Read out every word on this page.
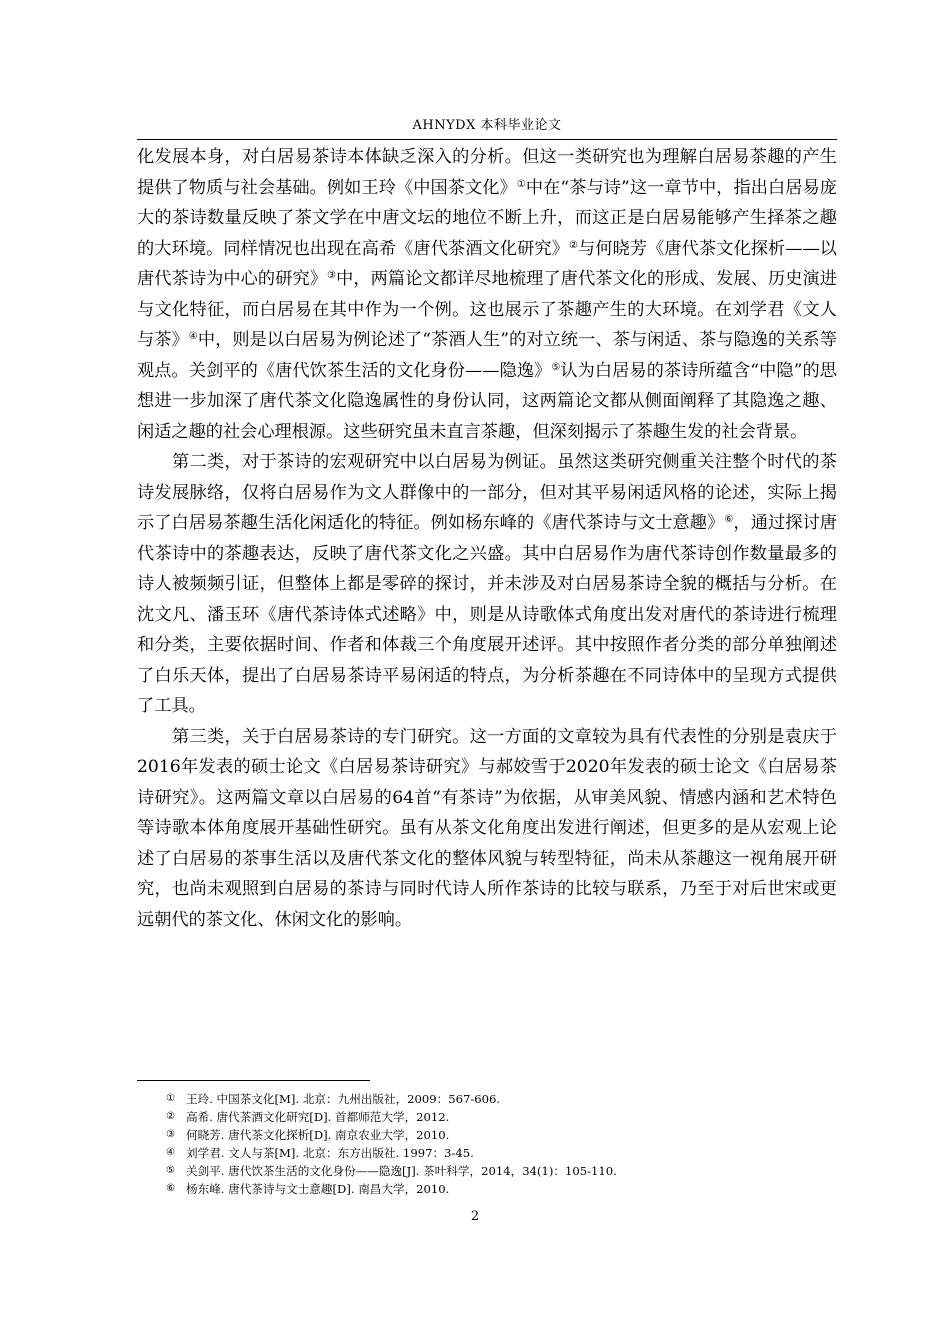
AHNYDX 本科毕业论文

化发展本身，对白居易茶诗本体缺乏深入的分析。但这一类研究也为理解白居易茶趣的产生提供了物质与社会基础。例如王玲《中国茶文化》①中在“茶与诗”这一章节中，指出白居易庞大的茶诗数量反映了茶文学在中唐文坛的地位不断上升，而这正是白居易能够产生择茶之趣的大环境。同样情况也出现在高希《唐代茶酒文化研究》②与何晓芳《唐代茶文化探析——以唐代茶诗为中心的研究》③中，两篇论文都详尽地梳理了唐代茶文化的形成、发展、历史演进与文化特征，而白居易在其中作为一个例。这也展示了茶趣产生的大环境。在刘学君《文人与茶》④中，则是以白居易为例论述了“茶酒人生”的对立统一、茶与闲适、茶与隐逸的关系等观点。关剑平的《唐代饮茶生活的文化身份——隐逸》⑤认为白居易的茶诗所蕴含“中隐”的思想进一步加深了唐代茶文化隐逸属性的身份认同，这两篇论文都从侧面阐释了其隐逸之趣、闲适之趣的社会心理根源。这些研究虽未直言茶趣，但深刻揭示了茶趣生发的社会背景。

第二类，对于茶诗的宏观研究中以白居易为例证。虽然这类研究侧重关注整个时代的茶诗发展脉络，仅将白居易作为文人群像中的一部分，但对其平易闲适风格的论述，实际上揭示了白居易茶趣生活化闲适化的特征。例如杨东峰的《唐代茶诗与文士意趣》⑥，通过探讨唐代茶诗中的茶趣表达，反映了唐代茶文化之兴盛。其中白居易作为唐代茶诗创作数量最多的诗人被频频引证，但整体上都是零碎的探讨，并未涉及对白居易茶诗全貌的概括与分析。在沈文凡、潘玉环《唐代茶诗体式述略》中，则是从诗歌体式角度出发对唐代的茶诗进行梳理和分类，主要依据时间、作者和体裁三个角度展开述评。其中按照作者分类的部分单独阐述了白乐天体，提出了白居易茶诗平易闲适的特点，为分析茶趣在不同诗体中的呈现方式提供了工具。

第三类，关于白居易茶诗的专门研究。这一方面的文章较为具有代表性的分别是袁庆于2016年发表的硕士论文《白居易茶诗研究》与郝姣雪于2020年发表的硕士论文《白居易茶诗研究》。这两篇文章以白居易的64首“有茶诗”为依据，从审美风貌、情感内涵和艺术特色等诗歌本体角度展开基础性研究。虽有从茶文化角度出发进行阐述，但更多的是从宏观上论述了白居易的茶事生活以及唐代茶文化的整体风貌与转型特征，尚未从茶趣这一视角展开研究，也尚未观照到白居易的茶诗与同时代诗人所作茶诗的比较与联系，乃至于对后世宋或更远朝代的茶文化、休闲文化的影响。

① 王玲. 中国茶文化[M]. 北京：九州出版社，2009：567-606.
② 高希. 唐代茶酒文化研究[D]. 首都师范大学，2012.
③ 何晓芳. 唐代茶文化探析[D]. 南京农业大学，2010.
④ 刘学君. 文人与茶[M]. 北京：东方出版社. 1997：3-45.
⑤ 关剑平. 唐代饮茶生活的文化身份——隐逸[J]. 茶叶科学，2014，34(1)：105-110.
⑥ 杨东峰. 唐代茶诗与文士意趣[D]. 南昌大学，2010.
2
